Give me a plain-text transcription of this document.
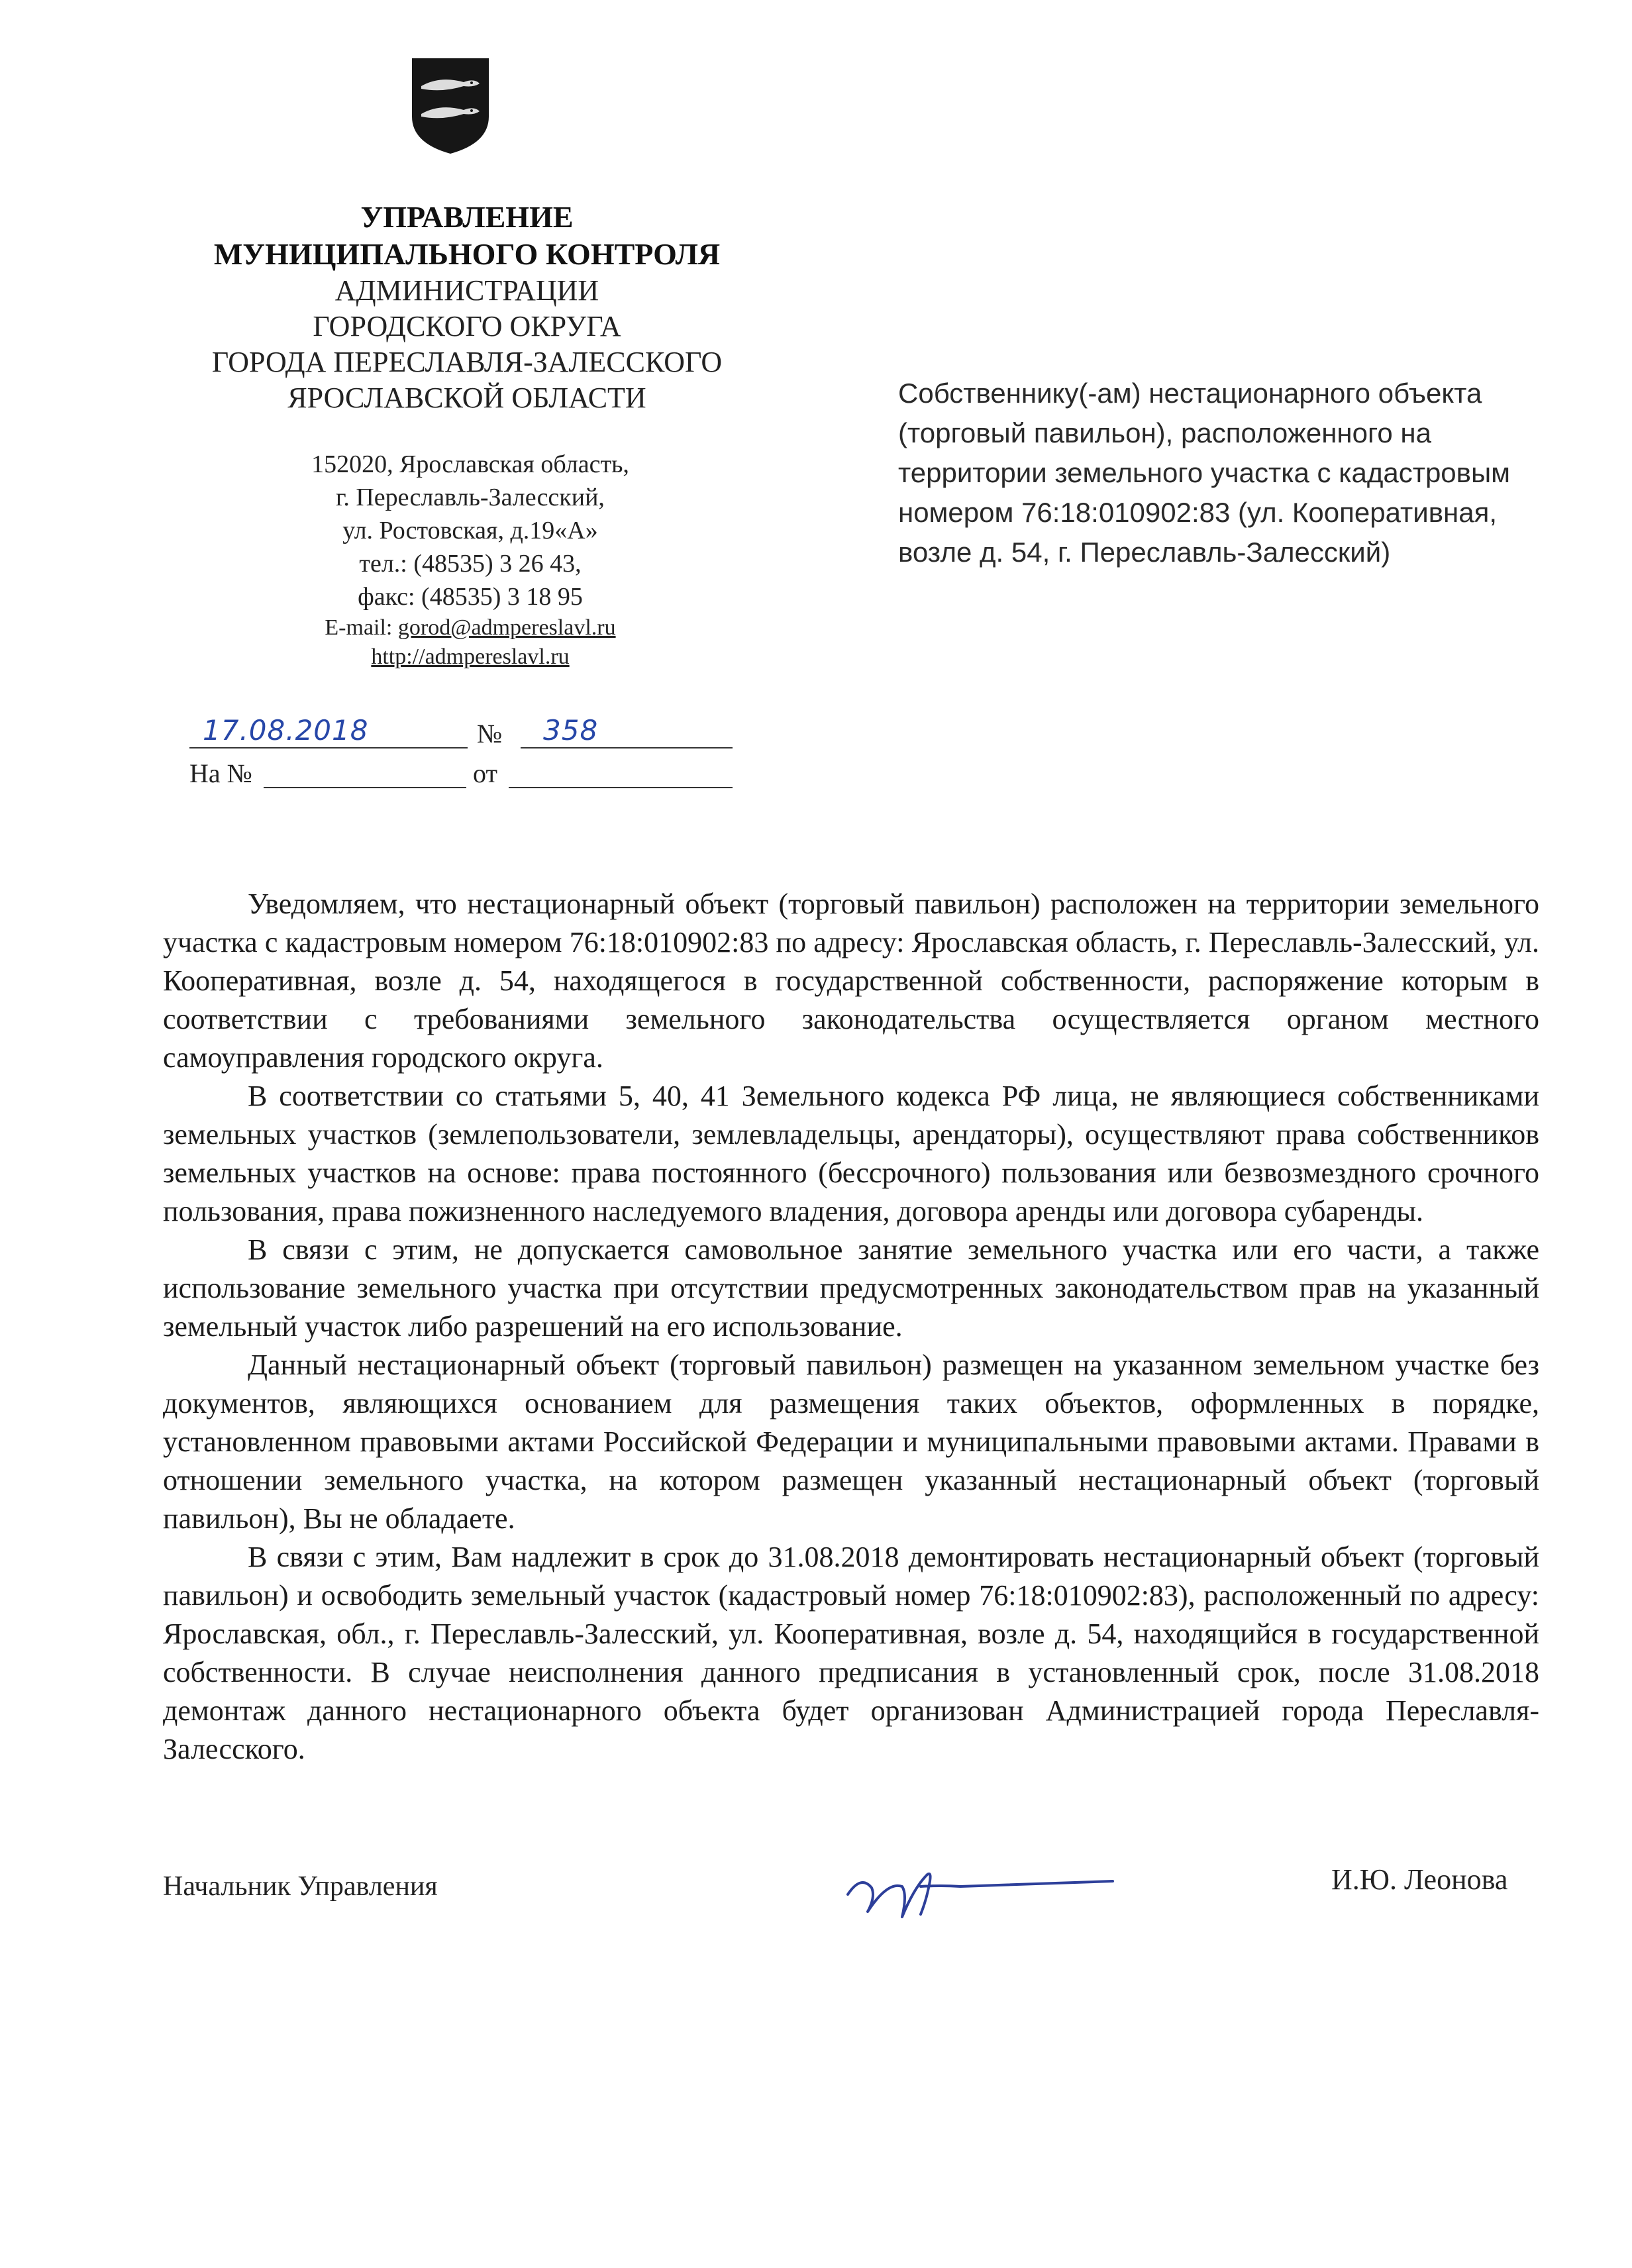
УПРАВЛЕНИЕ
МУНИЦИПАЛЬНОГО КОНТРОЛЯ
АДМИНИСТРАЦИИ
ГОРОДСКОГО ОКРУГА
ГОРОДА ПЕРЕСЛАВЛЯ-ЗАЛЕССКОГО
ЯРОСЛАВСКОЙ ОБЛАСТИ
152020, Ярославская область,
г. Переславль-Залесский,
ул. Ростовская, д.19«А»
тел.: (48535) 3 26 43,
факс: (48535) 3 18 95
E-mail: gorod@admpereslavl.ru
http://admpereslavl.ru
17.08.2018	№ 358
На №	от
Собственнику(-ам) нестационарного объекта (торговый павильон), расположенного на территории земельного участка с кадастровым номером 76:18:010902:83 (ул. Кооперативная, возле д. 54, г. Переславль-Залесский)

Уведомляем, что нестационарный объект (торговый павильон) расположен на территории земельного участка с кадастровым номером 76:18:010902:83 по адресу: Ярославская область, г. Переславль-Залесский, ул. Кооперативная, возле д. 54, находящегося в государственной собственности, распоряжение которым в соответствии с требованиями земельного законодательства осуществляется органом местного самоуправления городского округа.

В соответствии со статьями 5, 40, 41 Земельного кодекса РФ лица, не являющиеся собственниками земельных участков (землепользователи, землевладельцы, арендаторы), осуществляют права собственников земельных участков на основе: права постоянного (бессрочного) пользования или безвозмездного срочного пользования, права пожизненного наследуемого владения, договора аренды или договора субаренды.

В связи с этим, не допускается самовольное занятие земельного участка или его части, а также использование земельного участка при отсутствии предусмотренных законодательством прав на указанный земельный участок либо разрешений на его использование.

Данный нестационарный объект (торговый павильон) размещен на указанном земельном участке без документов, являющихся основанием для размещения таких объектов, оформленных в порядке, установленном правовыми актами Российской Федерации и муниципальными правовыми актами. Правами в отношении земельного участка, на котором размещен указанный нестационарный объект (торговый павильон), Вы не обладаете.

В связи с этим, Вам надлежит в срок до 31.08.2018 демонтировать нестационарный объект (торговый павильон) и освободить земельный участок (кадастровый номер 76:18:010902:83), расположенный по адресу: Ярославская, обл., г. Переславль-Залесский, ул. Кооперативная, возле д. 54, находящийся в государственной собственности. В случае неисполнения данного предписания в установленный срок, после 31.08.2018 демонтаж данного нестационарного объекта будет организован Администрацией города Переславля-Залесского.

Начальник Управления	И.Ю. Леонова
